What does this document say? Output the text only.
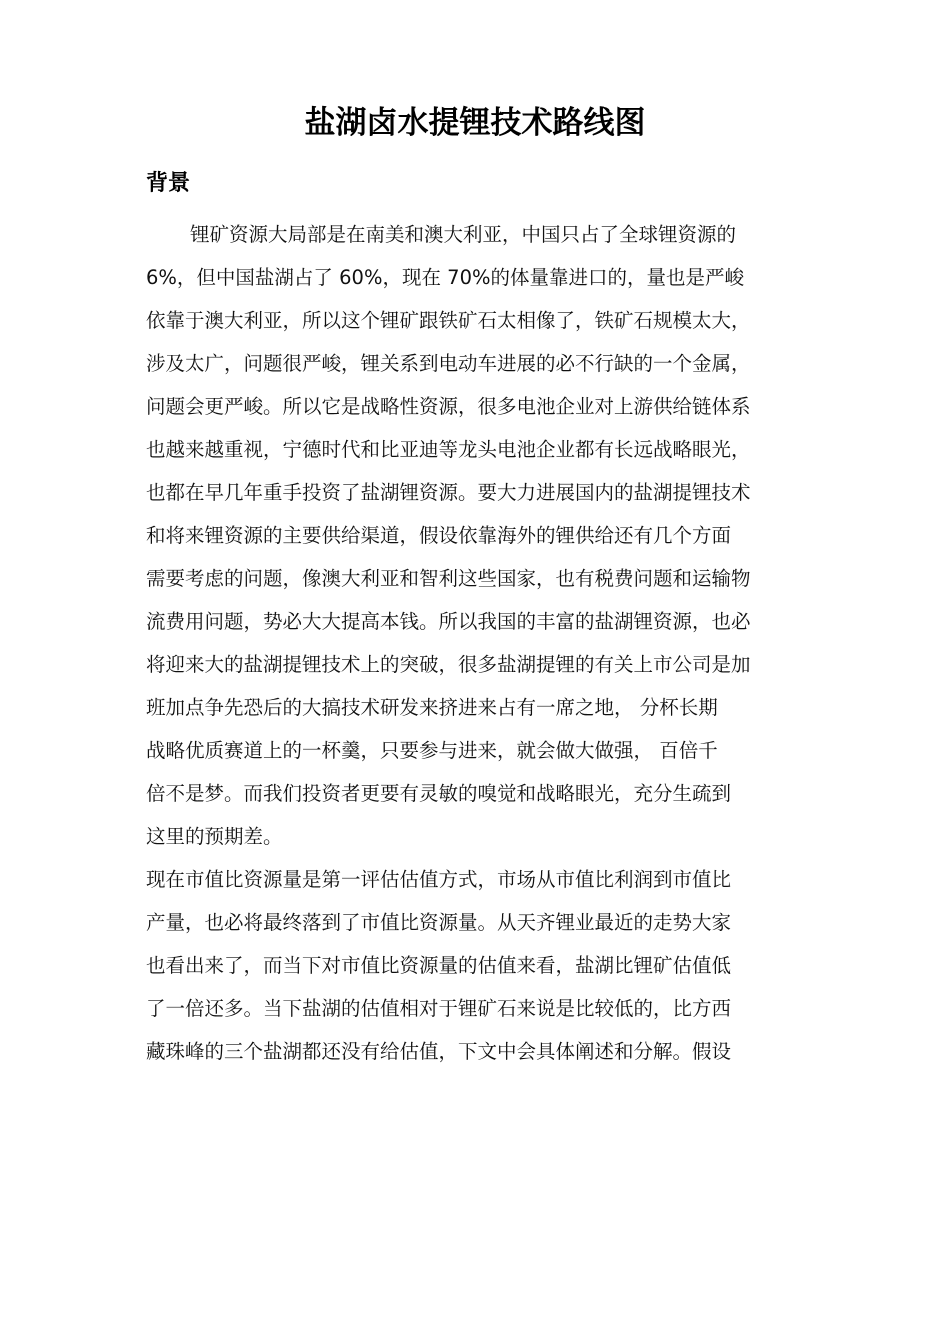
盐湖卤水提锂技术路线图
背景

锂矿资源大局部是在南美和澳大利亚，中国只占了全球锂资源的

6%，但中国盐湖占了 60%，现在 70%的体量靠进口的，量也是严峻

依靠于澳大利亚，所以这个锂矿跟铁矿石太相像了，铁矿石规模太大，

涉及太广，问题很严峻，锂关系到电动车进展的必不行缺的一个金属，

问题会更严峻。所以它是战略性资源，很多电池企业对上游供给链体系

也越来越重视，宁德时代和比亚迪等龙头电池企业都有长远战略眼光，

也都在早几年重手投资了盐湖锂资源。要大力进展国内的盐湖提锂技术

和将来锂资源的主要供给渠道，假设依靠海外的锂供给还有几个方面

需要考虑的问题，像澳大利亚和智利这些国家，也有税费问题和运输物

流费用问题，势必大大提高本钱。所以我国的丰富的盐湖锂资源，也必

将迎来大的盐湖提锂技术上的突破，很多盐湖提锂的有关上市公司是加

班加点争先恐后的大搞技术研发来挤进来占有一席之地， 分杯长期

战略优质赛道上的一杯羹，只要参与进来，就会做大做强， 百倍千

倍不是梦。而我们投资者更要有灵敏的嗅觉和战略眼光，充分生疏到

这里的预期差。

现在市值比资源量是第一评估估值方式，市场从市值比利润到市值比

产量，也必将最终落到了市值比资源量。从天齐锂业最近的走势大家

也看出来了，而当下对市值比资源量的估值来看，盐湖比锂矿估值低

了一倍还多。当下盐湖的估值相对于锂矿石来说是比较低的，比方西

藏珠峰的三个盐湖都还没有给估值，下文中会具体阐述和分解。假设
